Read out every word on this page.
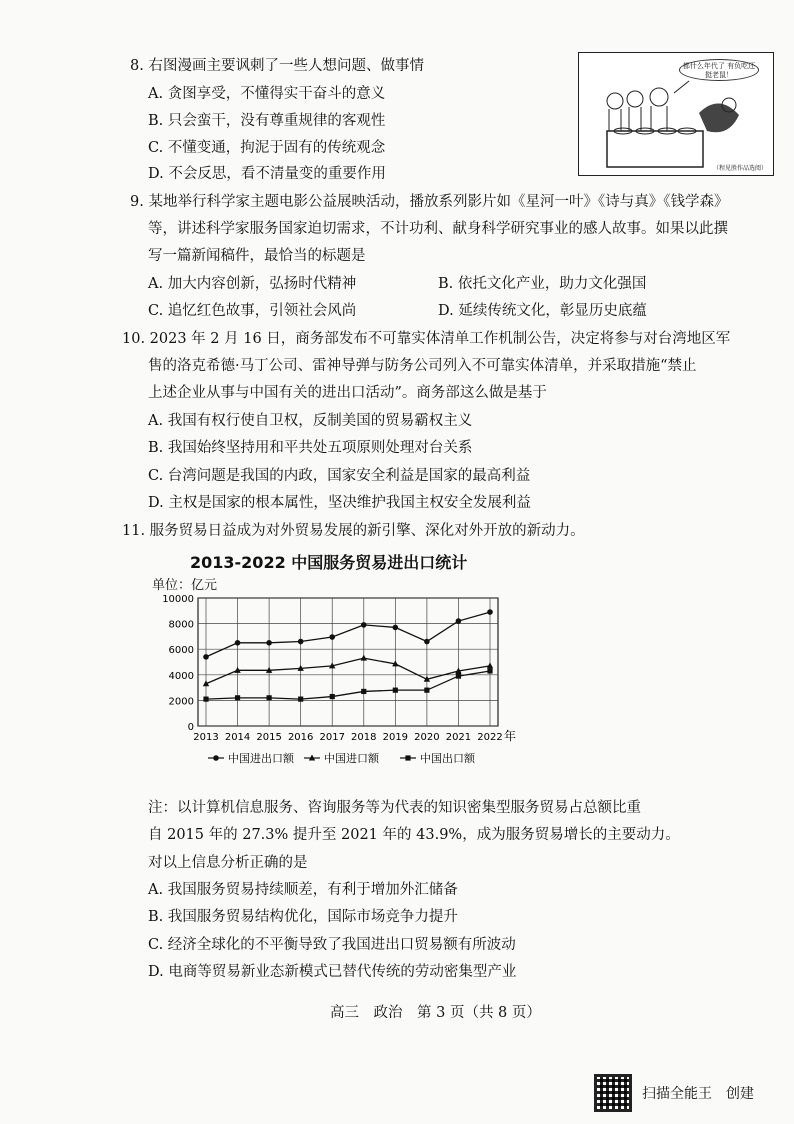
8. 右图漫画主要讽刺了一些人想问题、做事情
A. 贪图享受，不懂得实干奋斗的意义
B. 只会蛮干，没有尊重规律的客观性
C. 不懂变通，拘泥于固有的传统观念
D. 不会反思，看不清量变的重要作用
都什么年代了 有负吃还挺老鼠！
（程见胜作品选阅）
9. 某地举行科学家主题电影公益展映活动，播放系列影片如《星河一叶》《诗与真》《钱学森》
等，讲述科学家服务国家迫切需求，不计功利、献身科学研究事业的感人故事。如果以此撰
写一篇新闻稿件，最恰当的标题是
A. 加大内容创新，弘扬时代精神	B. 依托文化产业，助力文化强国
C. 追忆红色故事，引领社会风尚	D. 延续传统文化，彰显历史底蕴
10. 2023 年 2 月 16 日，商务部发布不可靠实体清单工作机制公告，决定将参与对台湾地区军
售的洛克希德·马丁公司、雷神导弹与防务公司列入不可靠实体清单，并采取措施“禁止
上述企业从事与中国有关的进出口活动”。商务部这么做是基于
A. 我国有权行使自卫权，反制美国的贸易霸权主义
B. 我国始终坚持用和平共处五项原则处理对台关系
C. 台湾问题是我国的内政，国家安全利益是国家的最高利益
D. 主权是国家的根本属性，坚决维护我国主权安全发展利益
11. 服务贸易日益成为对外贸易发展的新引擎、深化对外开放的新动力。
2013-2022 中国服务贸易进出口统计
单位：亿元
0
2000
4000
6000
8000
10000
2013 2014 2015 2016 2017 2018 2019 2020 2021 2022 年
中国进出口额	中国进口额	中国出口额
注：以计算机信息服务、咨询服务等为代表的知识密集型服务贸易占总额比重
自 2015 年的 27.3% 提升至 2021 年的 43.9%，成为服务贸易增长的主要动力。
对以上信息分析正确的是
A. 我国服务贸易持续顺差，有利于增加外汇储备
B. 我国服务贸易结构优化，国际市场竞争力提升
C. 经济全球化的不平衡导致了我国进出口贸易额有所波动
D. 电商等贸易新业态新模式已替代传统的劳动密集型产业
高三　政治　第 3 页（共 8 页）
扫描全能王　创建
